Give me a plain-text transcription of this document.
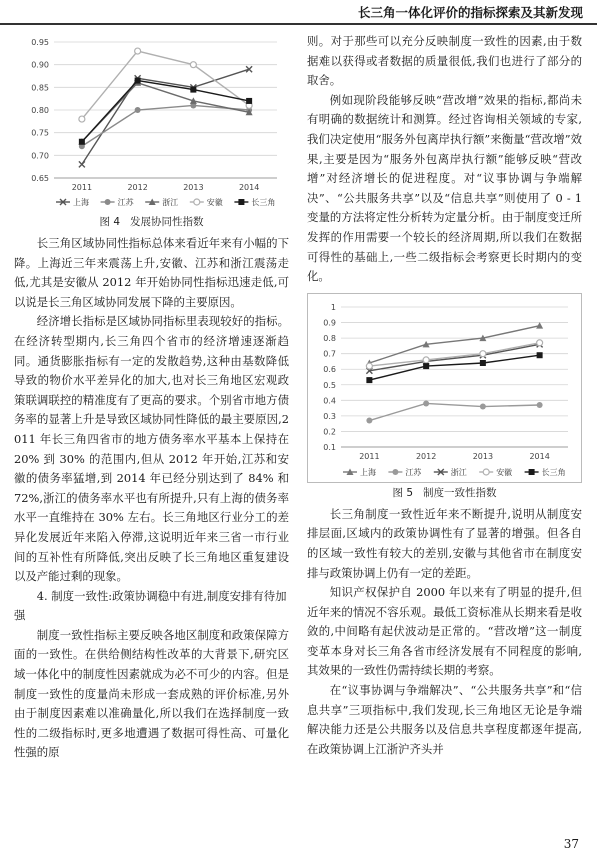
长三角一体化评价的指标探索及其新发现
0.65
0.70
0.75
0.80
0.85
0.90
0.95
2011	2012	2013	2014
上海	江苏	浙江	安徽	长三角
图 4 发展协同性指数

长三角区域协同性指标总体来看近年来有小幅的下降。上海近三年来震荡上升,安徽、江苏和浙江震荡走低,尤其是安徽从 2012 年开始协同性指标迅速走低,可以说是长三角区域协同发展下降的主要原因。

经济增长指标是区域协同指标里表现较好的指标。在经济转型期内,长三角四个省市的经济增速逐渐趋同。通货膨胀指标有一定的发散趋势,这种由基数降低导致的物价水平差异化的加大,也对长三角地区宏观政策联调联控的精准度有了更高的要求。个别省市地方债务率的显著上升是导致区域协同性降低的最主要原因,2011 年长三角四省市的地方债务率水平基本上保持在 20% 到 30% 的范围内,但从 2012 年开始,江苏和安徽的债务率猛增,到 2014 年已经分别达到了 84% 和 72%,浙江的债务率水平也有所提升,只有上海的债务率水平一直维持在 30% 左右。长三角地区行业分工的差异化发展近年来陷入停滞,这说明近年来三省一市行业间的互补性有所降低,突出反映了长三角地区重复建设以及产能过剩的现象。

4. 制度一致性:政策协调稳中有进,制度安排有待加强

制度一致性指标主要反映各地区制度和政策保障方面的一致性。在供给侧结构性改革的大背景下,研究区域一体化中的制度性因素就成为必不可少的内容。但是制度一致性的度量尚未形成一套成熟的评价标准,另外由于制度因素难以准确量化,所以我们在选择制度一致性的二级指标时,更多地遭遇了数据可得性高、可量化性强的原

则。对于那些可以充分反映制度一致性的因素,由于数据难以获得或者数据的质量很低,我们也进行了部分的取舍。

例如现阶段能够反映“营改增”效果的指标,都尚未有明确的数据统计和测算。经过咨询相关领域的专家,我们决定使用“服务外包离岸执行额”来衡量“营改增”效果,主要是因为“服务外包离岸执行额”能够反映“营改增”对经济增长的促进程度。对“议事协调与争端解决”、“公共服务共享”以及“信息共享”则使用了 0 - 1 变量的方法将定性分析转为定量分析。由于制度变迁所发挥的作用需要一个较长的经济周期,所以我们在数据可得性的基础上,一些二级指标会考察更长时期内的变化。

0.1
0.2
0.3
0.4
0.5
0.6
0.7
0.8
0.9
1
2011	2012	2013	2014
上海	江苏	浙江	安徽	长三角
图 5 制度一致性指数

长三角制度一致性近年来不断提升,说明从制度安排层面,区域内的政策协调性有了显著的增强。但各自的区域一致性有较大的差别,安徽与其他省市在制度安排与政策协调上仍有一定的差距。

知识产权保护自 2000 年以来有了明显的提升,但近年来的情况不容乐观。最低工资标准从长期来看是收敛的,中间略有起伏波动是正常的。“营改增”这一制度变革本身对长三角各省市经济发展有不同程度的影响,其效果的一致性仍需持续长期的考察。

在“议事协调与争端解决”、“公共服务共享”和“信息共享”三项指标中,我们发现,长三角地区无论是争端解决能力还是公共服务以及信息共享程度都逐年提高,在政策协调上江浙沪齐头并

37
